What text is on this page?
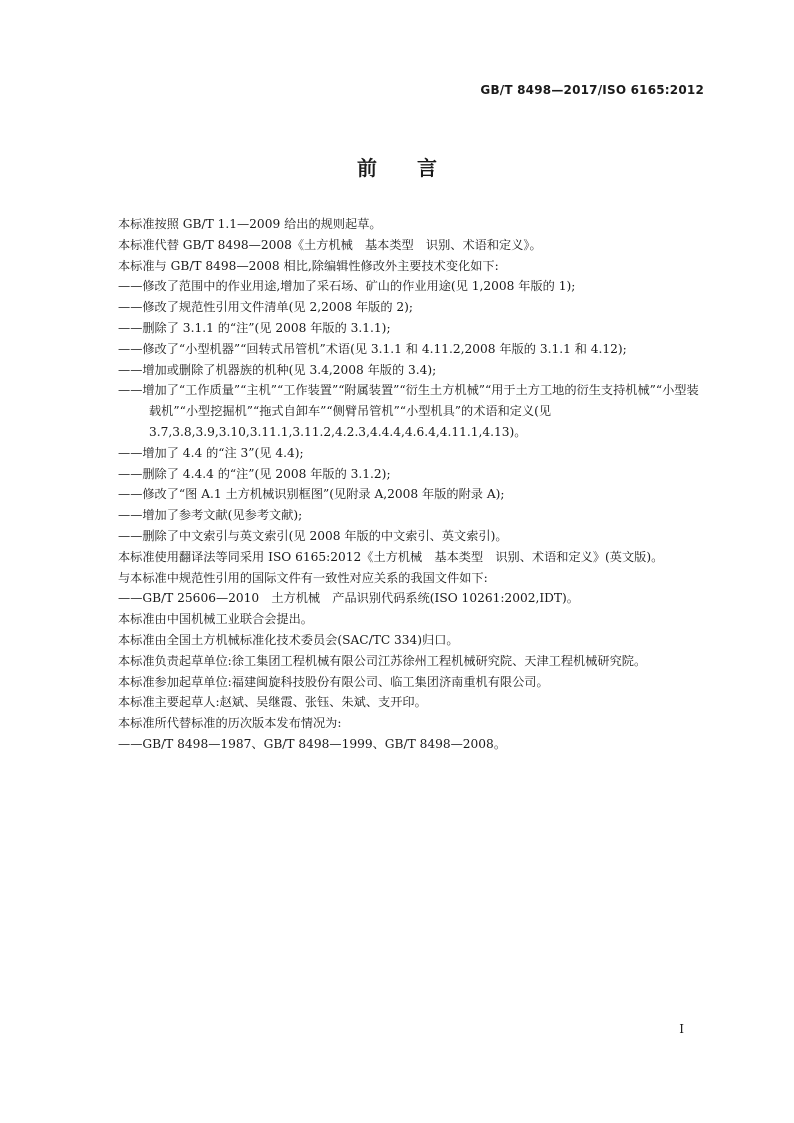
GB/T 8498—2017/ISO 6165:2012
前言
本标准按照 GB/T 1.1—2009 给出的规则起草。
本标准代替 GB/T 8498—2008《土方机械　基本类型　识别、术语和定义》。
本标准与 GB/T 8498—2008 相比,除编辑性修改外主要技术变化如下:
——修改了范围中的作业用途,增加了采石场、矿山的作业用途(见 1,2008 年版的 1);
——修改了规范性引用文件清单(见 2,2008 年版的 2);
——删除了 3.1.1 的“注”(见 2008 年版的 3.1.1);
——修改了“小型机器”“回转式吊管机”术语(见 3.1.1 和 4.11.2,2008 年版的 3.1.1 和 4.12);
——增加或删除了机器族的机种(见 3.4,2008 年版的 3.4);
——增加了“工作质量”“主机”“工作装置”“附属装置”“衍生土方机械”“用于土方工地的衍生支持机械”“小型装载机”“小型挖掘机”“拖式自卸车”“侧臂吊管机”“小型机具”的术语和定义(见 3.7,3.8,3.9,3.10,3.11.1,3.11.2,4.2.3,4.4.4,4.6.4,4.11.1,4.13)。
——增加了 4.4 的“注 3”(见 4.4);
——删除了 4.4.4 的“注”(见 2008 年版的 3.1.2);
——修改了“图 A.1 土方机械识别框图”(见附录 A,2008 年版的附录 A);
——增加了参考文献(见参考文献);
——删除了中文索引与英文索引(见 2008 年版的中文索引、英文索引)。
本标准使用翻译法等同采用 ISO 6165:2012《土方机械　基本类型　识别、术语和定义》(英文版)。
与本标准中规范性引用的国际文件有一致性对应关系的我国文件如下:
——GB/T 25606—2010　土方机械　产品识别代码系统(ISO 10261:2002,IDT)。
本标准由中国机械工业联合会提出。
本标准由全国土方机械标准化技术委员会(SAC/TC 334)归口。
本标准负责起草单位:徐工集团工程机械有限公司江苏徐州工程机械研究院、天津工程机械研究院。
本标准参加起草单位:福建闽旋科技股份有限公司、临工集团济南重机有限公司。
本标准主要起草人:赵斌、吴继霞、张钰、朱斌、支开印。
本标准所代替标准的历次版本发布情况为:
——GB/T 8498—1987、GB/T 8498—1999、GB/T 8498—2008。
I
